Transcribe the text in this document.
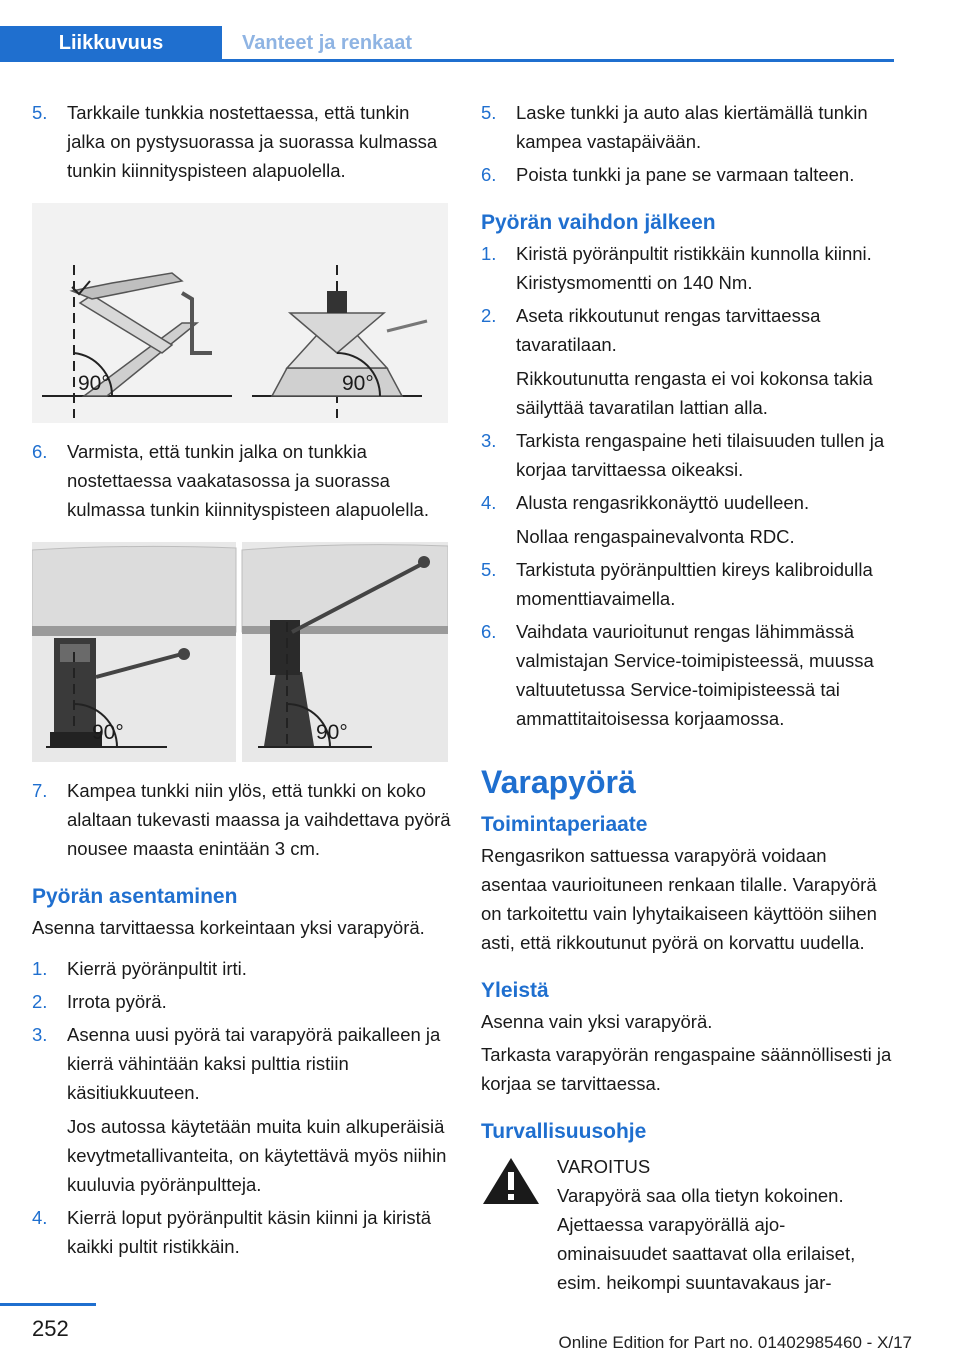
Liikkuvuus	Vanteet ja renkaat
5. Tarkkaile tunkkia nostettaessa, että tunkin jalka on pystysuorassa ja suorassa kulmassa tunkin kiinnityspisteen alapuolella.
90°	90°
6. Varmista, että tunkin jalka on tunkkia nostettaessa vaakatasossa ja suorassa kulmassa tunkin kiinnityspisteen alapuolella.
90°	90°
7. Kampea tunkki niin ylös, että tunkki on koko alaltaan tukevasti maassa ja vaihdettava pyörä nousee maasta enintään 3 cm.
Pyörän asentaminen

Asenna tarvittaessa korkeintaan yksi varapyörä.

1. Kierrä pyöränpultit irti.
2. Irrota pyörä.
3. Asenna uusi pyörä tai varapyörä paikalleen ja kierrä vähintään kaksi pulttia ristiin käsitiukkuuteen.
Jos autossa käytetään muita kuin alkuperäisiä kevytmetallivanteita, on käytettävä myös niihin kuuluvia pyöränpultteja.
4. Kierrä loput pyöränpultit käsin kiinni ja kiristä kaikki pultit ristikkäin.
5. Laske tunkki ja auto alas kiertämällä tunkin kampea vastapäivään.
6. Poista tunkki ja pane se varmaan talteen.
Pyörän vaihdon jälkeen
1. Kiristä pyöränpultit ristikkäin kunnolla kiinni. Kiristysmomentti on 140 Nm.
2. Aseta rikkoutunut rengas tarvittaessa tavaratilaan.
Rikkoutunutta rengasta ei voi kokonsa takia säilyttää tavaratilan lattian alla.
3. Tarkista rengaspaine heti tilaisuuden tullen ja korjaa tarvittaessa oikeaksi.
4. Alusta rengasrikkonäyttö uudelleen.
Nollaa rengaspainevalvonta RDC.
5. Tarkistuta pyöränpulttien kireys kalibroidulla momenttiavaimella.
6. Vaihdata vaurioitunut rengas lähimmässä valmistajan Service-toimipisteessä, muussa valtuutetussa Service-toimipisteessä tai ammattitaitoisessa korjaamossa.
Varapyörä
Toimintaperiaate

Rengasrikon sattuessa varapyörä voidaan asentaa vaurioituneen renkaan tilalle. Varapyörä on tarkoitettu vain lyhytaikaiseen käyttöön siihen asti, että rikkoutunut pyörä on korvattu uudella.

Yleistä

Asenna vain yksi varapyörä.

Tarkasta varapyörän rengaspaine säännöllisesti ja korjaa se tarvittaessa.

Turvallisuusohje
VAROITUS
Varapyörä saa olla tietyn kokoinen. Ajettaessa varapyörällä ajo-ominaisuudet saattavat olla erilaiset, esim. heikompi suuntavakaus jar-
252
Online Edition for Part no. 01402985460 - X/17
